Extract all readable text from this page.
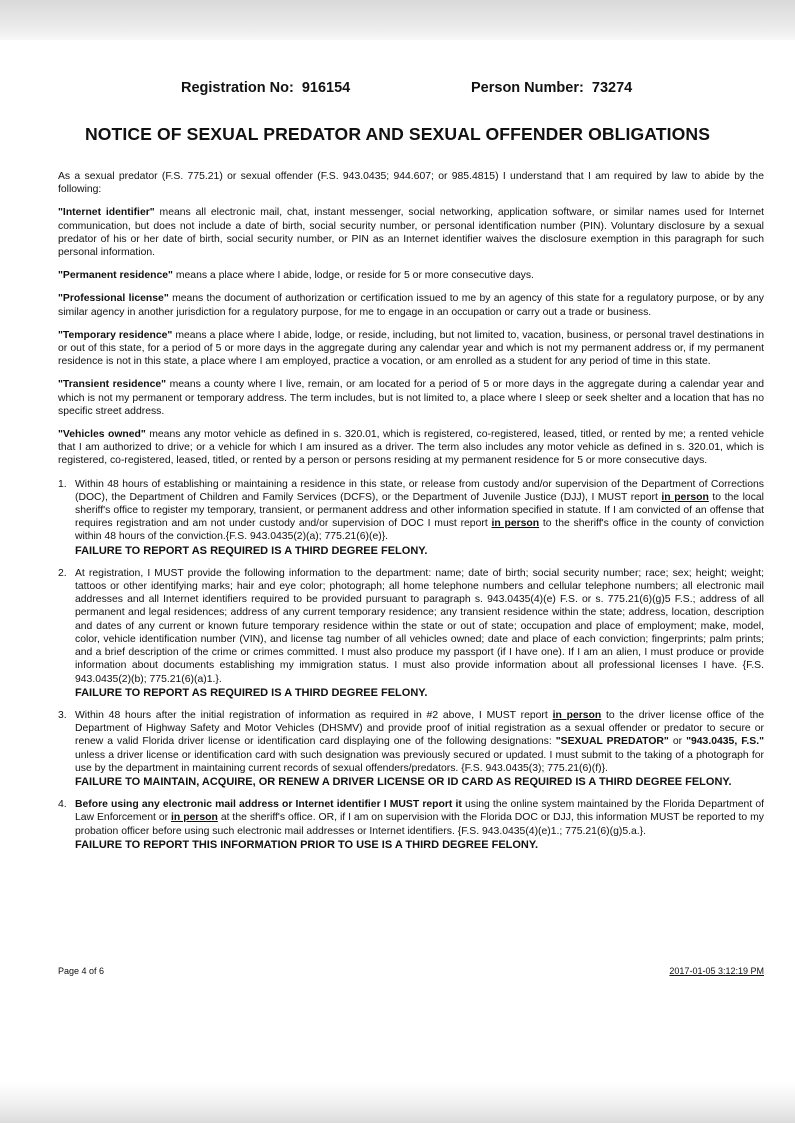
Registration No: 916154	Person Number: 73274
NOTICE OF SEXUAL PREDATOR AND SEXUAL OFFENDER OBLIGATIONS

As a sexual predator (F.S. 775.21) or sexual offender (F.S. 943.0435; 944.607; or 985.4815) I understand that I am required by law to abide by the following:

"Internet identifier" means all electronic mail, chat, instant messenger, social networking, application software, or similar names used for Internet communication, but does not include a date of birth, social security number, or personal identification number (PIN). Voluntary disclosure by a sexual predator of his or her date of birth, social security number, or PIN as an Internet identifier waives the disclosure exemption in this paragraph for such personal information.

"Permanent residence" means a place where I abide, lodge, or reside for 5 or more consecutive days.

"Professional license" means the document of authorization or certification issued to me by an agency of this state for a regulatory purpose, or by any similar agency in another jurisdiction for a regulatory purpose, for me to engage in an occupation or carry out a trade or business.

"Temporary residence" means a place where I abide, lodge, or reside, including, but not limited to, vacation, business, or personal travel destinations in or out of this state, for a period of 5 or more days in the aggregate during any calendar year and which is not my permanent address or, if my permanent residence is not in this state, a place where I am employed, practice a vocation, or am enrolled as a student for any period of time in this state.

"Transient residence" means a county where I live, remain, or am located for a period of 5 or more days in the aggregate during a calendar year and which is not my permanent or temporary address. The term includes, but is not limited to, a place where I sleep or seek shelter and a location that has no specific street address.

"Vehicles owned" means any motor vehicle as defined in s. 320.01, which is registered, co-registered, leased, titled, or rented by me; a rented vehicle that I am authorized to drive; or a vehicle for which I am insured as a driver. The term also includes any motor vehicle as defined in s. 320.01, which is registered, co-registered, leased, titled, or rented by a person or persons residing at my permanent residence for 5 or more consecutive days.

1. Within 48 hours of establishing or maintaining a residence in this state, or release from custody and/or supervision of the Department of Corrections (DOC), the Department of Children and Family Services (DCFS), or the Department of Juvenile Justice (DJJ), I MUST report in person to the local sheriff's office to register my temporary, transient, or permanent address and other information specified in statute. If I am convicted of an offense that requires registration and am not under custody and/or supervision of DOC I must report in person to the sheriff's office in the county of conviction within 48 hours of the conviction.{F.S. 943.0435(2)(a); 775.21(6)(e)}.
FAILURE TO REPORT AS REQUIRED IS A THIRD DEGREE FELONY.
2. At registration, I MUST provide the following information to the department: name; date of birth; social security number; race; sex; height; weight; tattoos or other identifying marks; hair and eye color; photograph; all home telephone numbers and cellular telephone numbers; all electronic mail addresses and all Internet identifiers required to be provided pursuant to paragraph s. 943.0435(4)(e) F.S. or s. 775.21(6)(g)5 F.S.; address of all permanent and legal residences; address of any current temporary residence; any transient residence within the state; address, location, description and dates of any current or known future temporary residence within the state or out of state; occupation and place of employment; make, model, color, vehicle identification number (VIN), and license tag number of all vehicles owned; date and place of each conviction; fingerprints; palm prints; and a brief description of the crime or crimes committed. I must also produce my passport (if I have one). If I am an alien, I must produce or provide information about documents establishing my immigration status. I must also provide information about all professional licenses I have. {F.S. 943.0435(2)(b); 775.21(6)(a)1.}.
FAILURE TO REPORT AS REQUIRED IS A THIRD DEGREE FELONY.
3. Within 48 hours after the initial registration of information as required in #2 above, I MUST report in person to the driver license office of the Department of Highway Safety and Motor Vehicles (DHSMV) and provide proof of initial registration as a sexual offender or predator to secure or renew a valid Florida driver license or identification card displaying one of the following designations: "SEXUAL PREDATOR" or "943.0435, F.S." unless a driver license or identification card with such designation was previously secured or updated. I must submit to the taking of a photograph for use by the department in maintaining current records of sexual offenders/predators. {F.S. 943.0435(3); 775.21(6)(f)}.
FAILURE TO MAINTAIN, ACQUIRE, OR RENEW A DRIVER LICENSE OR ID CARD AS REQUIRED IS A THIRD DEGREE FELONY.
4. Before using any electronic mail address or Internet identifier I MUST report it using the online system maintained by the Florida Department of Law Enforcement or in person at the sheriff's office. OR, if I am on supervision with the Florida DOC or DJJ, this information MUST be reported to my probation officer before using such electronic mail addresses or Internet identifiers. {F.S. 943.0435(4)(e)1.; 775.21(6)(g)5.a.}.
FAILURE TO REPORT THIS INFORMATION PRIOR TO USE IS A THIRD DEGREE FELONY.
Page 4 of 6	2017-01-05 3:12:19 PM
